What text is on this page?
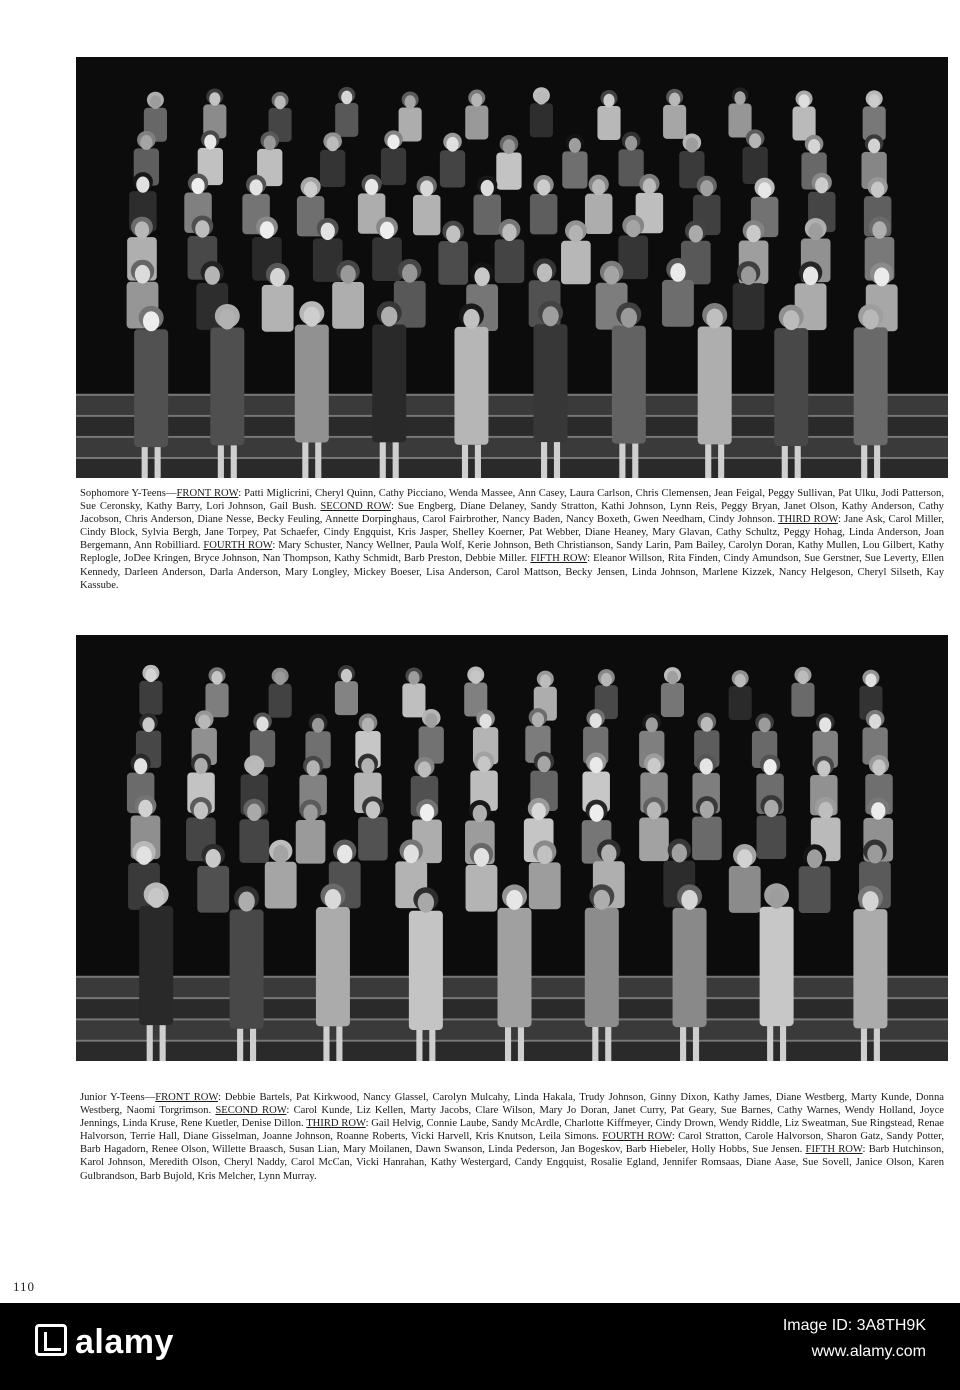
Sophomore Y-Teens—FRONT ROW: Patti Miglicrini, Cheryl Quinn, Cathy Picciano, Wenda Massee, Ann Casey, Laura Carlson, Chris Clemensen, Jean Feigal, Peggy Sullivan, Pat Ulku, Jodi Patterson, Sue Ceronsky, Kathy Barry, Lori Johnson, Gail Bush. SECOND ROW: Sue Engberg, Diane Delaney, Sandy Stratton, Kathi Johnson, Lynn Reis, Peggy Bryan, Janet Olson, Kathy Anderson, Cathy Jacobson, Chris Anderson, Diane Nesse, Becky Feuling, Annette Dorpinghaus, Carol Fairbrother, Nancy Baden, Nancy Boxeth, Gwen Needham, Cindy Johnson. THIRD ROW: Jane Ask, Carol Miller, Cindy Block, Sylvia Bergh, Jane Torpey, Pat Schaefer, Cindy Engquist, Kris Jasper, Shelley Koerner, Pat Webber, Diane Heaney, Mary Glavan, Cathy Schultz, Peggy Hohag, Linda Anderson, Joan Bergemann, Ann Robilliard. FOURTH ROW: Mary Schuster, Nancy Wellner, Paula Wolf, Kerie Johnson, Beth Christianson, Sandy Larin, Pam Bailey, Carolyn Doran, Kathy Mullen, Lou Gilbert, Kathy Replogle, JoDee Kringen, Bryce Johnson, Nan Thompson, Kathy Schmidt, Barb Preston, Debbie Miller. FIFTH ROW: Eleanor Willson, Rita Finden, Cindy Amundson, Sue Gerstner, Sue Leverty, Ellen Kennedy, Darleen Anderson, Darla Anderson, Mary Longley, Mickey Boeser, Lisa Anderson, Carol Mattson, Becky Jensen, Linda Johnson, Marlene Kizzek, Nancy Helgeson, Cheryl Silseth, Kay Kassube.

Junior Y-Teens—FRONT ROW: Debbie Bartels, Pat Kirkwood, Nancy Glassel, Carolyn Mulcahy, Linda Hakala, Trudy Johnson, Ginny Dixon, Kathy James, Diane Westberg, Marty Kunde, Donna Westberg, Naomi Torgrimson. SECOND ROW: Carol Kunde, Liz Kellen, Marty Jacobs, Clare Wilson, Mary Jo Doran, Janet Curry, Pat Geary, Sue Barnes, Cathy Warnes, Wendy Holland, Joyce Jennings, Linda Kruse, Rene Kuetler, Denise Dillon. THIRD ROW: Gail Helvig, Connie Laube, Sandy McArdle, Charlotte Kiffmeyer, Cindy Drown, Wendy Riddle, Liz Sweatman, Sue Ringstead, Renae Halvorson, Terrie Hall, Diane Gisselman, Joanne Johnson, Roanne Roberts, Vicki Harvell, Kris Knutson, Leila Simons. FOURTH ROW: Carol Stratton, Carole Halvorson, Sharon Gatz, Sandy Potter, Barb Hagadorn, Renee Olson, Willette Braasch, Susan Lian, Mary Moilanen, Dawn Swanson, Linda Pederson, Jan Bogeskov, Barb Hiebeler, Holly Hobbs, Sue Jensen. FIFTH ROW: Barb Hutchinson, Karol Johnson, Meredith Olson, Cheryl Naddy, Carol McCan, Vicki Hanrahan, Kathy Westergard, Candy Engquist, Rosalie Egland, Jennifer Romsaas, Diane Aase, Sue Sovell, Janice Olson, Karen Gulbrandson, Barb Bujold, Kris Melcher, Lynn Murray.

110
alamy	Image ID: 3A8TH9K
www.alamy.com
